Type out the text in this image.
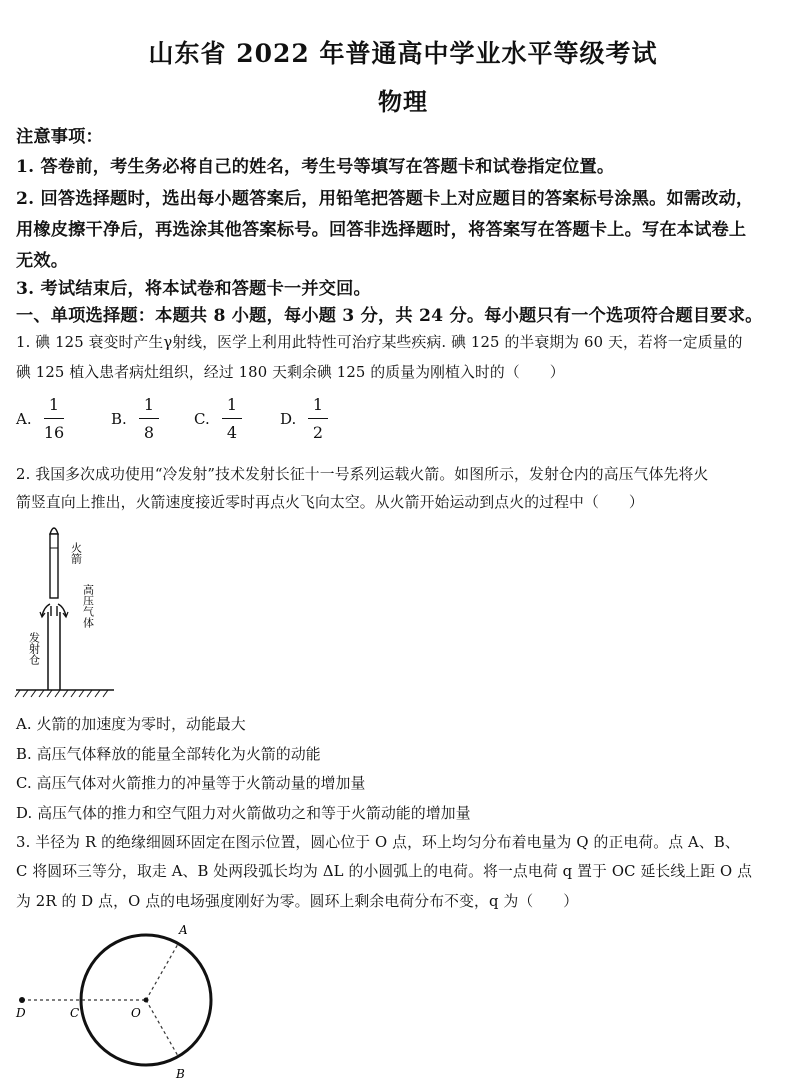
山东省 2022 年普通高中学业水平等级考试
物理
注意事项：
1. 答卷前，考生务必将自己的姓名，考生号等填写在答题卡和试卷指定位置。
2. 回答选择题时，选出每小题答案后，用铅笔把答题卡上对应题目的答案标号涂黑。如需改动，
用橡皮擦干净后，再选涂其他答案标号。回答非选择题时，将答案写在答题卡上。写在本试卷上
无效。
3. 考试结束后，将本试卷和答题卡一并交回。
一、单项选择题：本题共 8 小题，每小题 3 分，共 24 分。每小题只有一个选项符合题目要求。
1. 碘 125 衰变时产生γ射线，医学上利用此特性可治疗某些疾病. 碘 125 的半衰期为 60 天，若将一定质量的
碘 125 植入患者病灶组织，经过 180 天剩余碘 125 的质量为刚植入时的（　　）
A.
1
16
B.
1
8
C.
1
4
D.
1
2
2. 我国多次成功使用“冷发射”技术发射长征十一号系列运载火箭。如图所示，发射仓内的高压气体先将火
箭竖直向上推出，火箭速度接近零时再点火飞向太空。从火箭开始运动到点火的过程中（　　）
火箭
高压气体
发射仓
A. 火箭的加速度为零时，动能最大
B. 高压气体释放的能量全部转化为火箭的动能
C. 高压气体对火箭推力的冲量等于火箭动量的增加量
D. 高压气体的推力和空气阻力对火箭做功之和等于火箭动能的增加量
3. 半径为 R 的绝缘细圆环固定在图示位置，圆心位于 O 点，环上均匀分布着电量为 Q 的正电荷。点 A、B、
C 将圆环三等分，取走 A、B 处两段弧长均为 ΔL 的小圆弧上的电荷。将一点电荷 q 置于 OC 延长线上距 O 点
为 2R 的 D 点，O 点的电场强度刚好为零。圆环上剩余电荷分布不变，q 为（　　）
A
B
C
D	O
